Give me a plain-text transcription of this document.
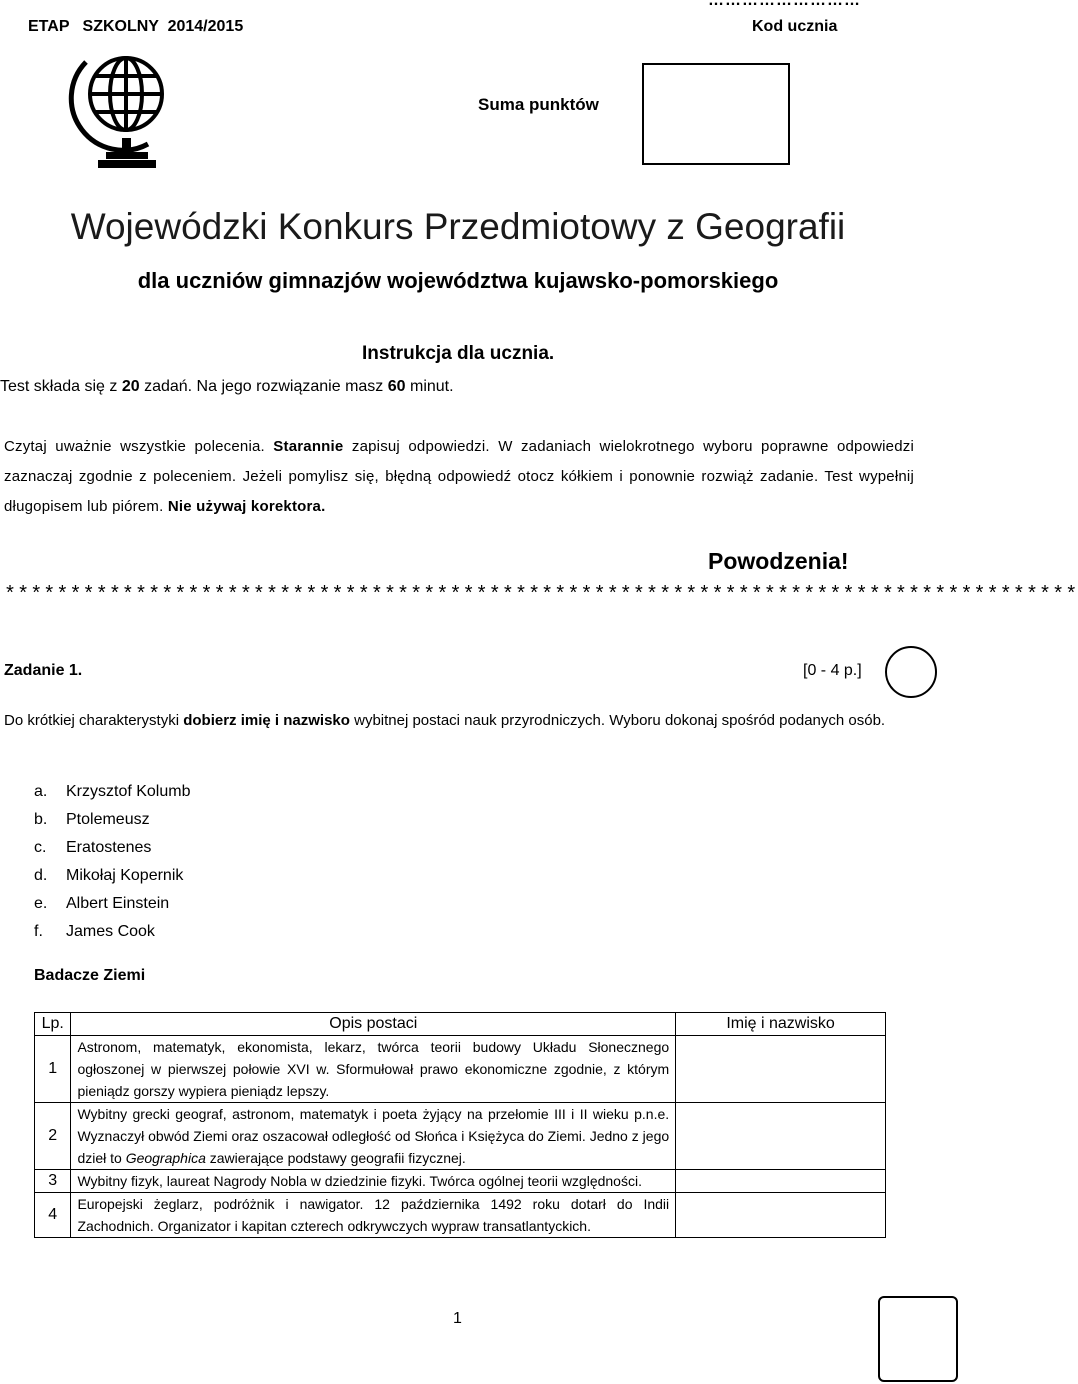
ETAP   SZKOLNY  2014/2015
………………………
Kod ucznia
Suma punktów
Wojewódzki Konkurs Przedmiotowy z Geografii
dla uczniów gimnazjów województwa kujawsko-pomorskiego
Instrukcja dla ucznia.
Test składa się z 20 zadań. Na jego rozwiązanie masz 60 minut.
Czytaj uważnie wszystkie polecenia. Starannie zapisuj odpowiedzi. W zadaniach wielokrotnego wyboru poprawne odpowiedzi zaznaczaj zgodnie z poleceniem. Jeżeli pomylisz się, błędną odpowiedź otocz kółkiem i ponownie rozwiąż zadanie. Test wypełnij długopisem lub piórem. Nie używaj korektora.
Powodzenia!
**********************************************************************************
Zadanie 1.	[0 - 4 p.]
Do krótkiej charakterystyki dobierz imię i nazwisko wybitnej postaci nauk przyrodniczych. Wyboru dokonaj spośród podanych osób.
a. Krzysztof Kolumb
b. Ptolemeusz
c. Eratostenes
d. Mikołaj Kopernik
e. Albert Einstein
f. James Cook
Badacze Ziemi
Lp.	Opis postaci	Imię i nazwisko
1	Astronom, matematyk, ekonomista, lekarz, twórca teorii budowy Układu Słonecznego ogłoszonej w pierwszej połowie XVI w. Sformułował prawo ekonomiczne zgodnie, z którym pieniądz gorszy wypiera pieniądz lepszy.	
2	Wybitny grecki geograf, astronom, matematyk i poeta żyjący na przełomie III i II wieku p.n.e. Wyznaczył obwód Ziemi oraz oszacował odległość od Słońca i Księżyca do Ziemi. Jedno z jego dzieł to Geographica zawierające podstawy geografii fizycznej.	
3	Wybitny fizyk, laureat Nagrody Nobla w dziedzinie fizyki. Twórca ogólnej teorii względności.	
4	Europejski żeglarz, podróżnik i nawigator. 12 października 1492 roku dotarł do Indii Zachodnich. Organizator i kapitan czterech odkrywczych wypraw transatlantyckich.	
1
